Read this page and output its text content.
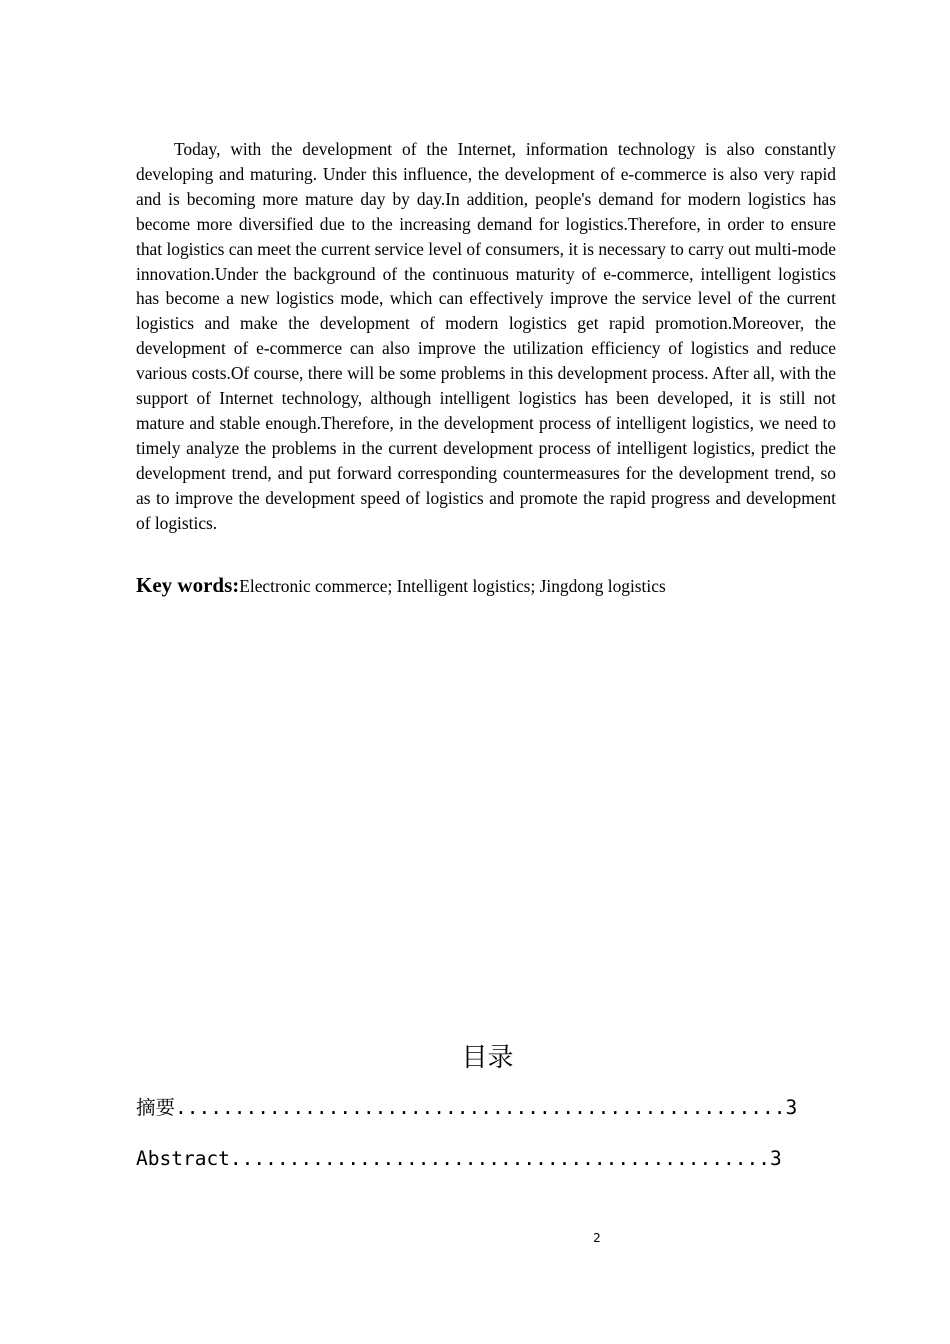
Today, with the development of the Internet, information technology is also constantly developing and maturing. Under this influence, the development of e-commerce is also very rapid and is becoming more mature day by day.In addition, people's demand for modern logistics has become more diversified due to the increasing demand for logistics.Therefore, in order to ensure that logistics can meet the current service level of consumers, it is necessary to carry out multi-mode innovation.Under the background of the continuous maturity of e-commerce, intelligent logistics has become a new logistics mode, which can effectively improve the service level of the current logistics and make the development of modern logistics get rapid promotion.Moreover, the development of e-commerce can also improve the utilization efficiency of logistics and reduce various costs.Of course, there will be some problems in this development process. After all, with the support of Internet technology, although intelligent logistics has been developed, it is still not mature and stable enough.Therefore, in the development process of intelligent logistics, we need to timely analyze the problems in the current development process of intelligent logistics, predict the development trend, and put forward corresponding countermeasures for the development trend, so as to improve the development speed of logistics and promote the rapid progress and development of logistics.

Key words:Electronic commerce; Intelligent logistics; Jingdong logistics

目录
摘要....................................................3
Abstract..............................................3
2
